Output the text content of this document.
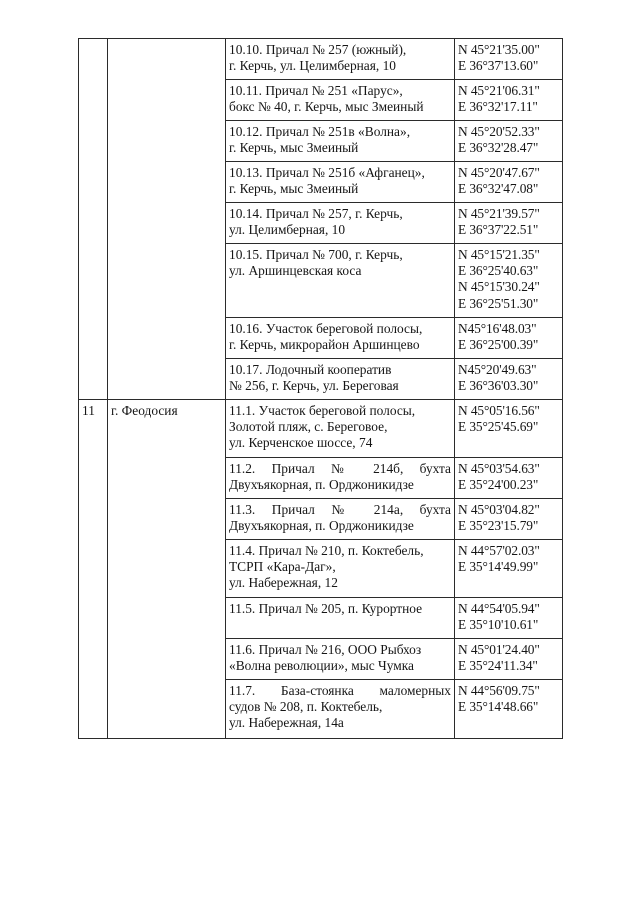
		10.10. Причал № 257 (южный),
г. Керчь, ул. Целимберная, 10	N 45°21'35.00"
E 36°37'13.60"

		10.11. Причал № 251 «Парус»,
бокс № 40, г. Керчь, мыс Змеиный	N 45°21'06.31"
E 36°32'17.11"

		10.12. Причал № 251в «Волна»,
г. Керчь, мыс Змеиный	N 45°20'52.33"
E 36°32'28.47"

		10.13. Причал № 251б «Афганец»,
г. Керчь, мыс Змеиный	N 45°20'47.67"
E 36°32'47.08"

		10.14. Причал № 257, г. Керчь,
ул. Целимберная, 10	N 45°21'39.57"
E 36°37'22.51"

		10.15. Причал № 700, г. Керчь,
ул. Аршинцевская коса	N 45°15'21.35"
E 36°25'40.63"
N 45°15'30.24"
E 36°25'51.30"

		10.16. Участок береговой полосы,
г. Керчь, микрорайон Аршинцево	N45°16'48.03"
E 36°25'00.39"

		10.17. Лодочный кооператив
№ 256, г. Керчь, ул. Береговая	N45°20'49.63"
E 36°36'03.30"

11	г. Феодосия	11.1. Участок береговой полосы,
Золотой пляж, с. Береговое,
ул. Керченское шоссе, 74	N 45°05'16.56"
E 35°25'45.69"

		11.2. Причал № 214б, бухта
Двухъякорная, п. Орджоникидзе	N 45°03'54.63"
E 35°24'00.23"

		11.3. Причал № 214а, бухта
Двухъякорная, п. Орджоникидзе	N 45°03'04.82"
E 35°23'15.79"

		11.4. Причал № 210, п. Коктебель,
ТСРП «Кара-Даг»,
ул. Набережная, 12	N 44°57'02.03"
E 35°14'49.99"

		11.5. Причал № 205, п. Курортное	N 44°54'05.94"
E 35°10'10.61"

		11.6. Причал № 216, ООО Рыбхоз
«Волна революции», мыс Чумка	N 45°01'24.40"
E 35°24'11.34"

		11.7. База-стоянка маломерных
судов № 208, п. Коктебель,
ул. Набережная, 14а	N 44°56'09.75"
E 35°14'48.66"
